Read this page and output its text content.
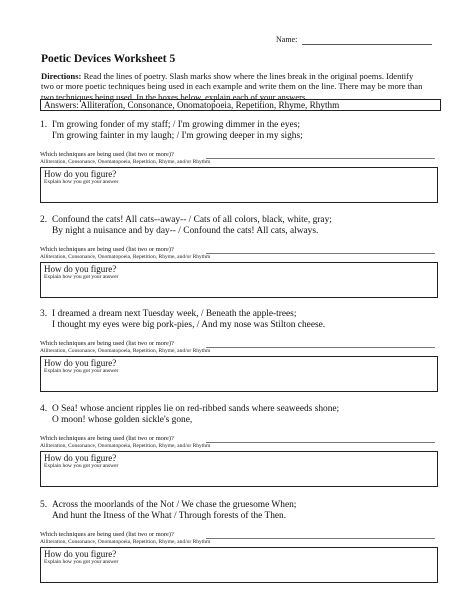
Name:
Poetic Devices Worksheet 5
Directions: Read the lines of poetry. Slash marks show where the lines break in the original poems. Identify
two or more poetic techniques being used in each example and write them on the line. There may be more than
two techniques being used. In the boxes below, explain each of your answers.
Answers: Alliteration, Consonance, Onomatopoeia, Repetition, Rhyme, Rhythm
1. I'm growing fonder of my staff; / I'm growing dimmer in the eyes;
I'm growing fainter in my laugh; / I'm growing deeper in my sighs;
Which techniques are being used (list two or more)?
Alliteration, Consonance, Onomatopoeia, Repetition, Rhyme, and/or Rhythm
How do you figure?
Explain how you got your answer
2. Confound the cats! All cats--away-- / Cats of all colors, black, white, gray;
By night a nuisance and by day-- / Confound the cats! All cats, always.
Which techniques are being used (list two or more)?
Alliteration, Consonance, Onomatopoeia, Repetition, Rhyme, and/or Rhythm
How do you figure?
Explain how you got your answer
3. I dreamed a dream next Tuesday week, / Beneath the apple-trees;
I thought my eyes were big pork-pies, / And my nose was Stilton cheese.
Which techniques are being used (list two or more)?
Alliteration, Consonance, Onomatopoeia, Repetition, Rhyme, and/or Rhythm
How do you figure?
Explain how you got your answer
4. O Sea! whose ancient ripples lie on red-ribbed sands where seaweeds shone;
O moon! whose golden sickle's gone,
Which techniques are being used (list two or more)?
Alliteration, Consonance, Onomatopoeia, Repetition, Rhyme, and/or Rhythm
How do you figure?
Explain how you got your answer
5. Across the moorlands of the Not / We chase the gruesome When;
And hunt the Itness of the What / Through forests of the Then.
Which techniques are being used (list two or more)?
Alliteration, Consonance, Onomatopoeia, Repetition, Rhyme, and/or Rhythm
How do you figure?
Explain how you got your answer
